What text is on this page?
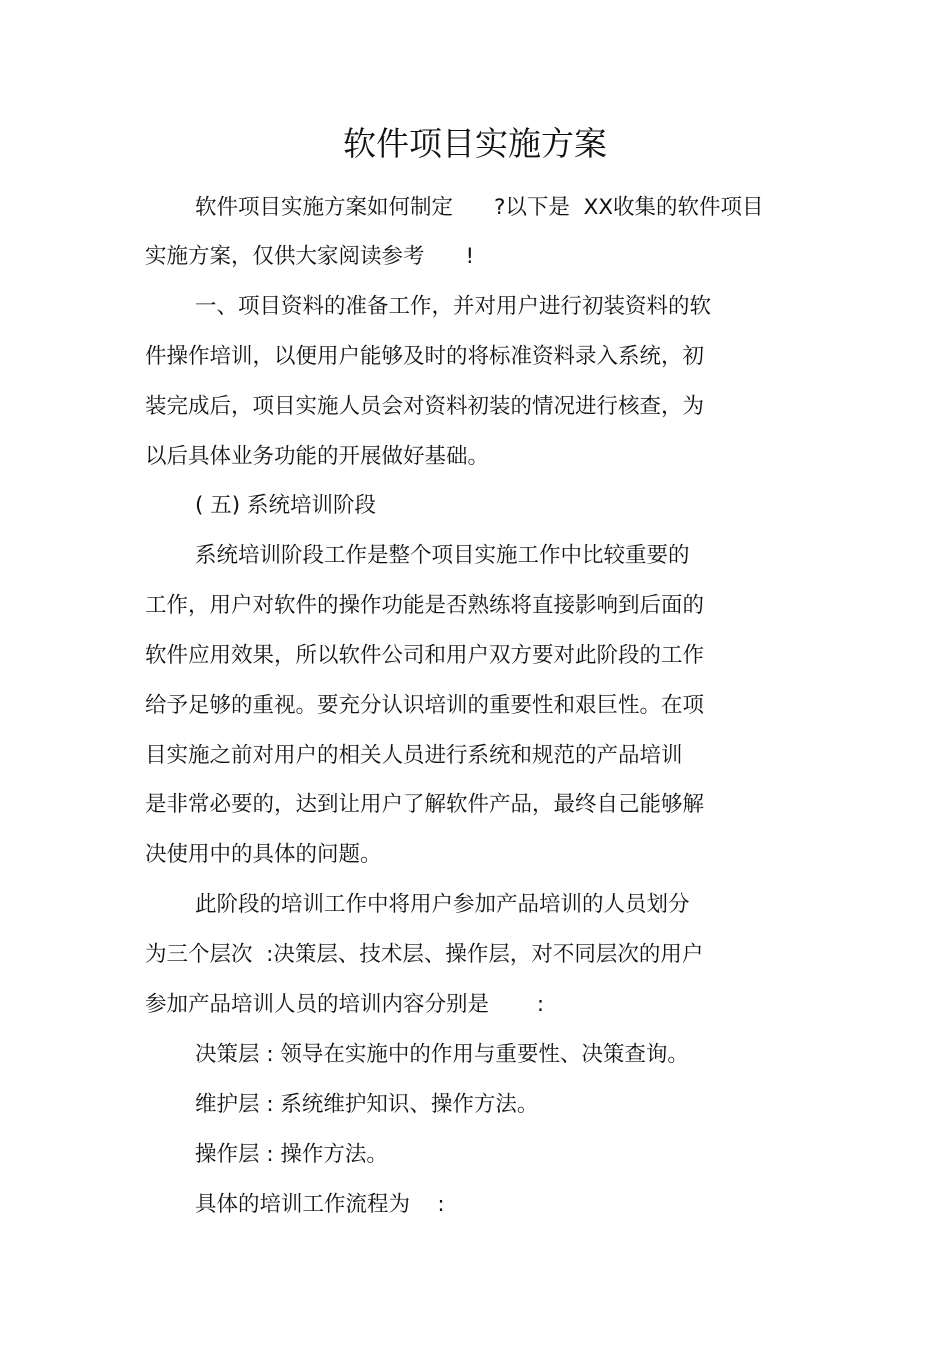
软件项目实施方案
软件项目实施方案如何制定      ?以下是  XX收集的软件项目
实施方案，仅供大家阅读参考      !
一、项目资料的准备工作，并对用户进行初装资料的软
件操作培训，以便用户能够及时的将标准资料录入系统，初
装完成后，项目实施人员会对资料初装的情况进行核查，为
以后具体业务功能的开展做好基础。
( 五) 系统培训阶段
系统培训阶段工作是整个项目实施工作中比较重要的
工作，用户对软件的操作功能是否熟练将直接影响到后面的
软件应用效果，所以软件公司和用户双方要对此阶段的工作
给予足够的重视。要充分认识培训的重要性和艰巨性。在项
目实施之前对用户的相关人员进行系统和规范的产品培训
是非常必要的，达到让用户了解软件产品，最终自己能够解
决使用中的具体的问题。
此阶段的培训工作中将用户参加产品培训的人员划分
为三个层次  :决策层、技术层、操作层，对不同层次的用户
参加产品培训人员的培训内容分别是       :
决策层 : 领导在实施中的作用与重要性、决策查询。
维护层 : 系统维护知识、操作方法。
操作层 : 操作方法。
具体的培训工作流程为    :
